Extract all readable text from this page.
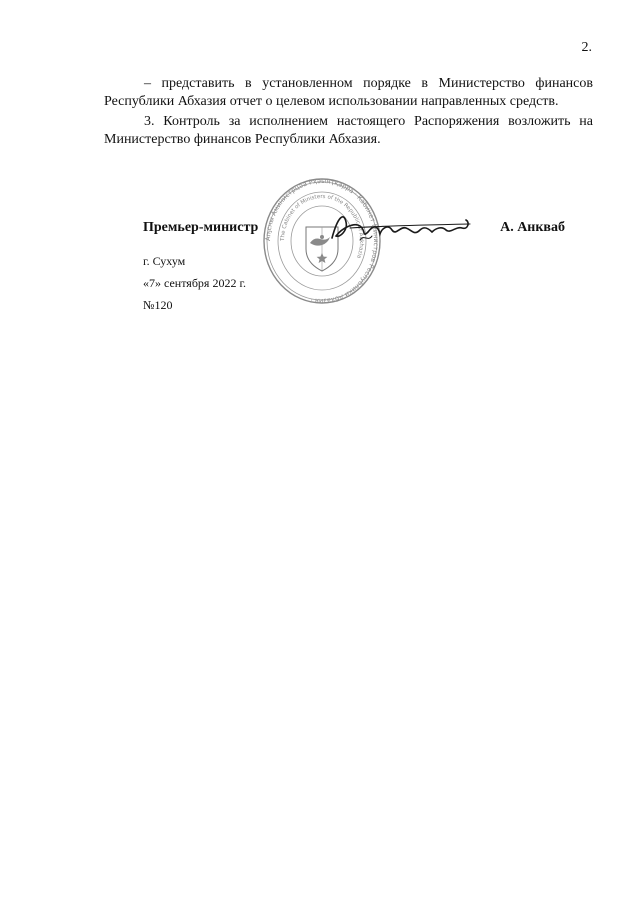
2.

– представить в установленном порядке в Министерство финансов Республики Абхазия отчет о целевом использовании направленных средств.

3. Контроль за исполнением настоящего Распоряжения возложить на Министерство финансов Республики Абхазия.

Премьер-министр	А. Анкваб
Аҧсны Аминистрцәа Рҳәынҭқарра · Кабинет Министров Республики Абхазия ·
The Cabinet of Ministers of the Republic of Abkhazia
г. Сухум
«7» сентября 2022 г.
№120
